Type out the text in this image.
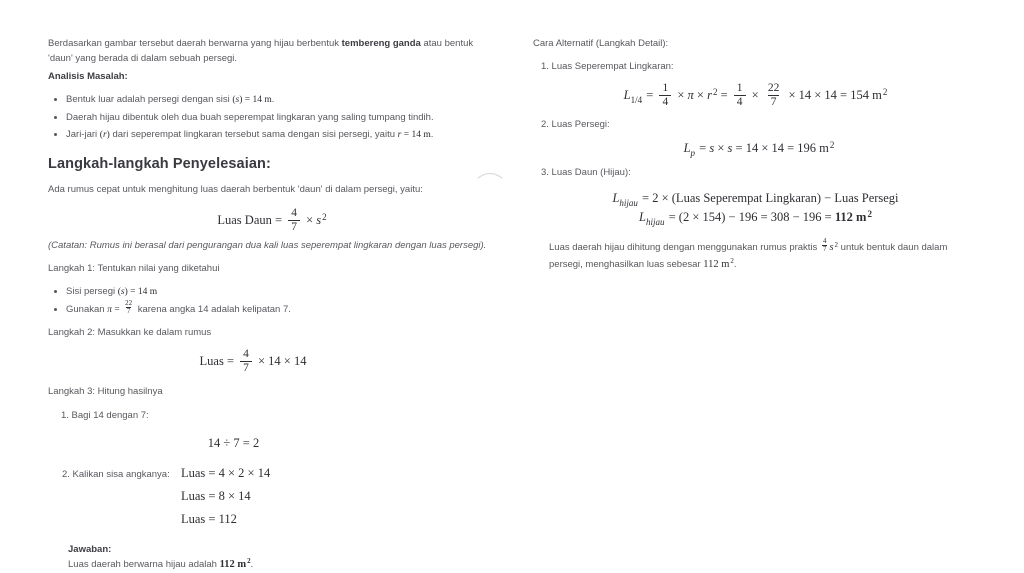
Berdasarkan gambar tersebut daerah berwarna yang hijau berbentuk tembereng ganda atau bentuk 'daun' yang berada di dalam sebuah persegi.

Analisis Masalah:

• Bentuk luar adalah persegi dengan sisi (s) = 14 m.
• Daerah hijau dibentuk oleh dua buah seperempat lingkaran yang saling tumpang tindih.
• Jari-jari (r) dari seperempat lingkaran tersebut sama dengan sisi persegi, yaitu r = 14 m.
Langkah-langkah Penyelesaian:

Ada rumus cepat untuk menghitung luas daerah berbentuk 'daun' di dalam persegi, yaitu:

Luas Daun = $\frac{4}{7} \times s^2$

(Catatan: Rumus ini berasal dari pengurangan dua kali luas seperempat lingkaran dengan luas persegi).

Langkah 1: Tentukan nilai yang diketahui

• Sisi persegi (s) = 14 m
• Gunakan $\pi = \frac{22}{7}$ karena angka 14 adalah kelipatan 7.

Langkah 2: Masukkan ke dalam rumus

Luas = $\frac{4}{7} \times 14 \times 14$

Langkah 3: Hitung hasilnya

1. Bagi 14 dengan 7:

14 ÷ 7 = 2

2. Kalikan sisa angkanya: Luas = 4 × 2 × 14
Luas = 8 × 14
Luas = 112

Jawaban:

Luas daerah berwarna hijau adalah 112 $m^2$.

Cara Alternatif (Langkah Detail):

1. Luas Seperempat Lingkaran:

$L_{1/4} = \frac{1}{4} \times \pi \times r^2 = \frac{1}{4} \times \frac{22}{7} \times 14 \times 14 = 154$ $m^2$

2. Luas Persegi:

$L_p = s \times s = 14 \times 14 = 196$ $m^2$

3. Luas Daun (Hijau):

$L_{hijau} = 2$ × (Luas Seperempat Lingkaran) − Luas Persegi
$L_{hijau} = (2 \times 154) - 196 = 308 - 196 = 112$ $m^2$

Luas daerah hijau dihitung dengan menggunakan rumus praktis $\frac{4}{7} s^2$ untuk bentuk daun dalam persegi, menghasilkan luas sebesar 112 $m^2$.
